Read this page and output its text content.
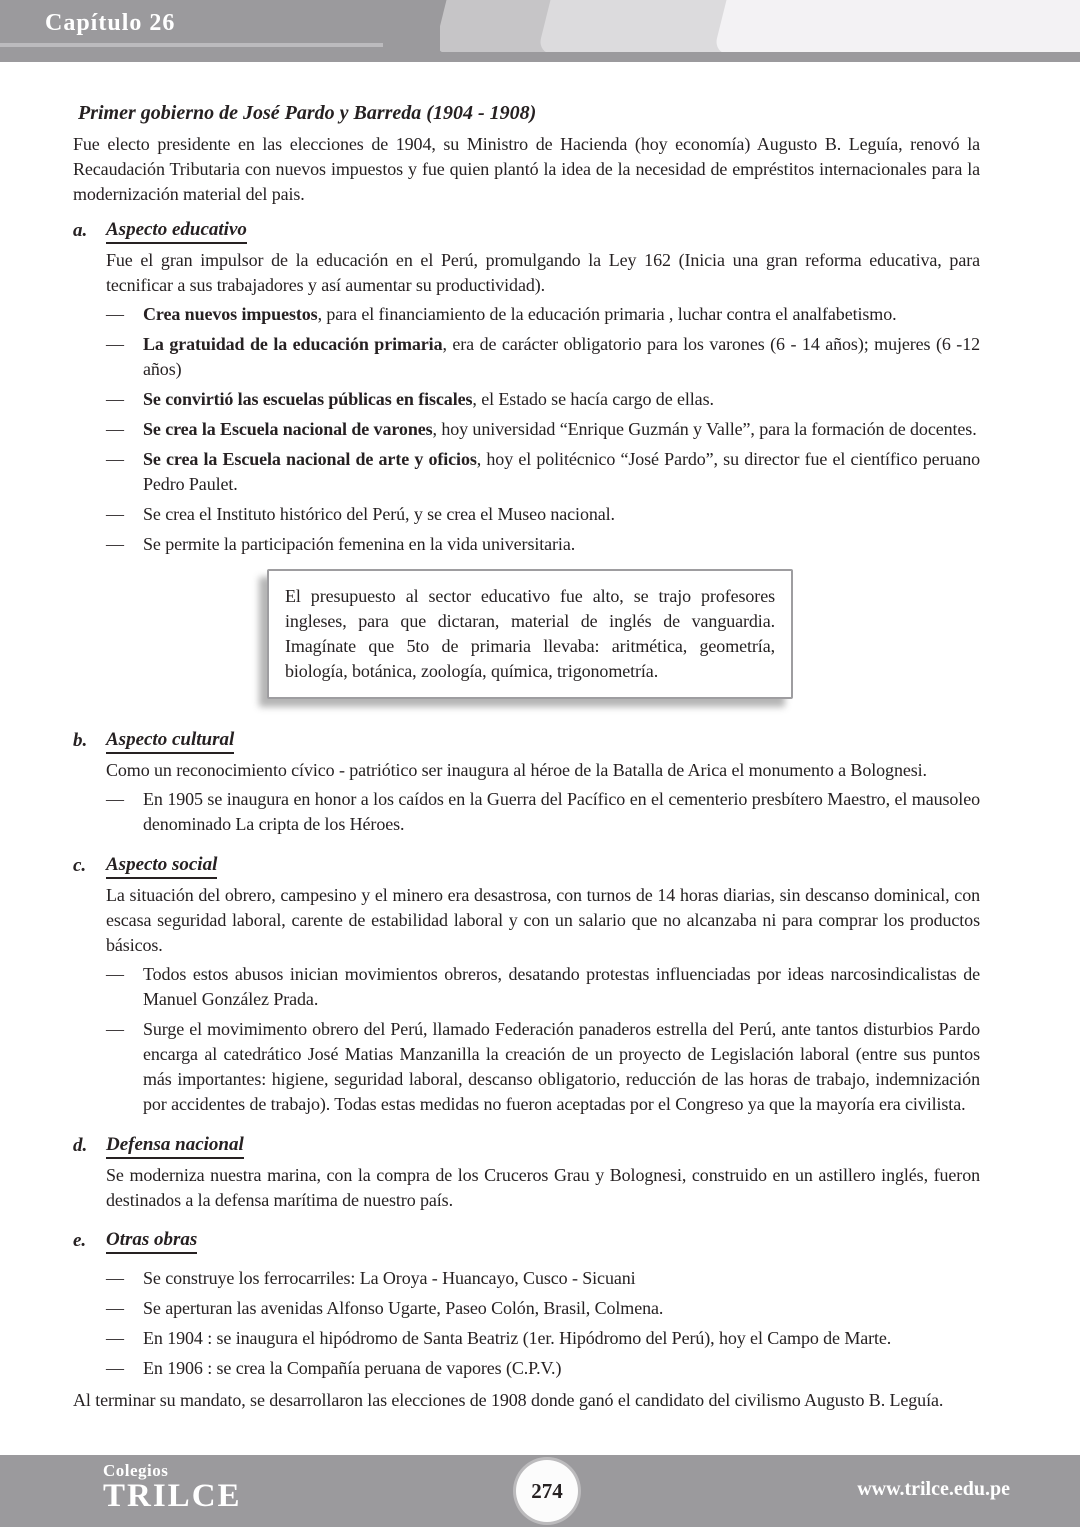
Capítulo 26
Primer gobierno de José Pardo y Barreda (1904 - 1908)

Fue electo presidente en las elecciones de 1904, su Ministro de Hacienda (hoy economía) Augusto B. Leguía, renovó la Recaudación Tributaria con nuevos impuestos y fue quien plantó la idea de la necesidad de empréstitos internacionales para la modernización material del pais.

a. Aspecto educativo

Fue el gran impulsor de la educación en el Perú, promulgando la Ley 162 (Inicia una gran reforma educativa, para tecnificar a sus trabajadores y así aumentar su productividad).

—	Crea nuevos impuestos, para el financiamiento de la educación primaria , luchar contra el analfabetismo.

—	La gratuidad de la educación primaria, era de carácter obligatorio para los varones (6 - 14 años); mujeres (6 -12 años)

—	Se convirtió las escuelas públicas en fiscales, el Estado se hacía cargo de ellas.

—	Se crea la Escuela nacional de varones, hoy universidad “Enrique Guzmán y Valle”, para la formación de docentes.

—	Se crea la Escuela nacional de arte y oficios, hoy el politécnico “José Pardo”, su director fue el científico peruano Pedro Paulet.

—	Se crea el Instituto histórico del Perú, y se crea el Museo nacional.

—	Se permite la participación femenina en la vida universitaria.

El presupuesto al sector educativo fue alto, se trajo profesores ingleses, para que dictaran, material de inglés de vanguardia. Imagínate que 5to de primaria llevaba: aritmética, geometría, biología, botánica, zoología, química, trigonometría.
b. Aspecto cultural

Como un reconocimiento cívico - patriótico ser inaugura al héroe de la Batalla de Arica el monumento a Bolognesi.

—	En 1905 se inaugura en honor a los caídos en la Guerra del Pacífico en el cementerio presbítero Maestro, el mausoleo denominado La cripta de los Héroes.

c.	Aspecto social

La situación del obrero, campesino y el minero era desastrosa, con turnos de 14 horas diarias, sin descanso dominical, con escasa seguridad laboral, carente de estabilidad laboral y con un salario que no alcanzaba ni para comprar los productos básicos.

—	Todos estos abusos inician movimientos obreros, desatando protestas influenciadas por ideas narcosindicalistas de Manuel González Prada.

—	Surge el movimimento obrero del Perú, llamado Federación panaderos estrella del Perú, ante tantos disturbios Pardo encarga al catedrático José Matias Manzanilla la creación de un proyecto de Legislación laboral (entre sus puntos más importantes: higiene, seguridad laboral, descanso obligatorio, reducción de las horas de trabajo, indemnización por accidentes de trabajo). Todas estas medidas no fueron aceptadas por el Congreso ya que la mayoría era civilista.

d. Defensa nacional

Se moderniza nuestra marina, con la compra de los Cruceros Grau y Bolognesi, construido en un astillero inglés, fueron destinados a la defensa marítima de nuestro país.

e.	Otras obras
—	Se construye los ferrocarriles: La Oroya - Huancayo, Cusco - Sicuani

—	Se aperturan las avenidas Alfonso Ugarte, Paseo Colón, Brasil, Colmena.

—	En 1904 : se inaugura el hipódromo de Santa Beatriz (1er. Hipódromo del Perú), hoy el Campo de Marte.

—	En 1906 : se crea la Compañía peruana de vapores (C.P.V.)

Al terminar su mandato, se desarrollaron las elecciones de 1908 donde ganó el candidato del civilismo Augusto B. Leguía.

Colegios
TRILCE	274	www.trilce.edu.pe
